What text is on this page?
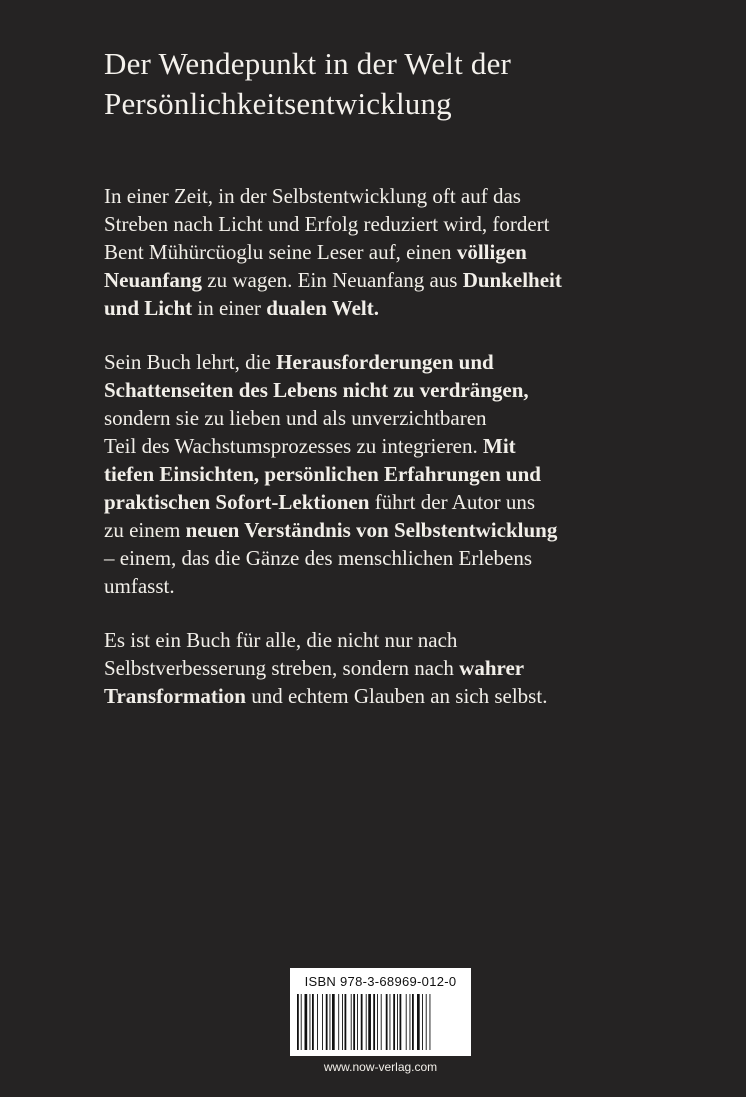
Der Wendepunkt in der Welt der
Persönlichkeitsentwicklung
In einer Zeit, in der Selbstentwicklung oft auf das
Streben nach Licht und Erfolg reduziert wird, fordert
Bent Mühürcüoglu seine Leser auf, einen völligen
Neuanfang zu wagen. Ein Neuanfang aus Dunkelheit
und Licht in einer dualen Welt.
Sein Buch lehrt, die Herausforderungen und
Schattenseiten des Lebens nicht zu verdrängen,
sondern sie zu lieben und als unverzichtbaren
Teil des Wachstumsprozesses zu integrieren. Mit
tiefen Einsichten, persönlichen Erfahrungen und
praktischen Sofort-Lektionen führt der Autor uns
zu einem neuen Verständnis von Selbstentwicklung
– einem, das die Gänze des menschlichen Erlebens
umfasst.
Es ist ein Buch für alle, die nicht nur nach
Selbstverbesserung streben, sondern nach wahrer
Transformation und echtem Glauben an sich selbst.
ISBN 978-3-68969-012-0
www.now-verlag.com
